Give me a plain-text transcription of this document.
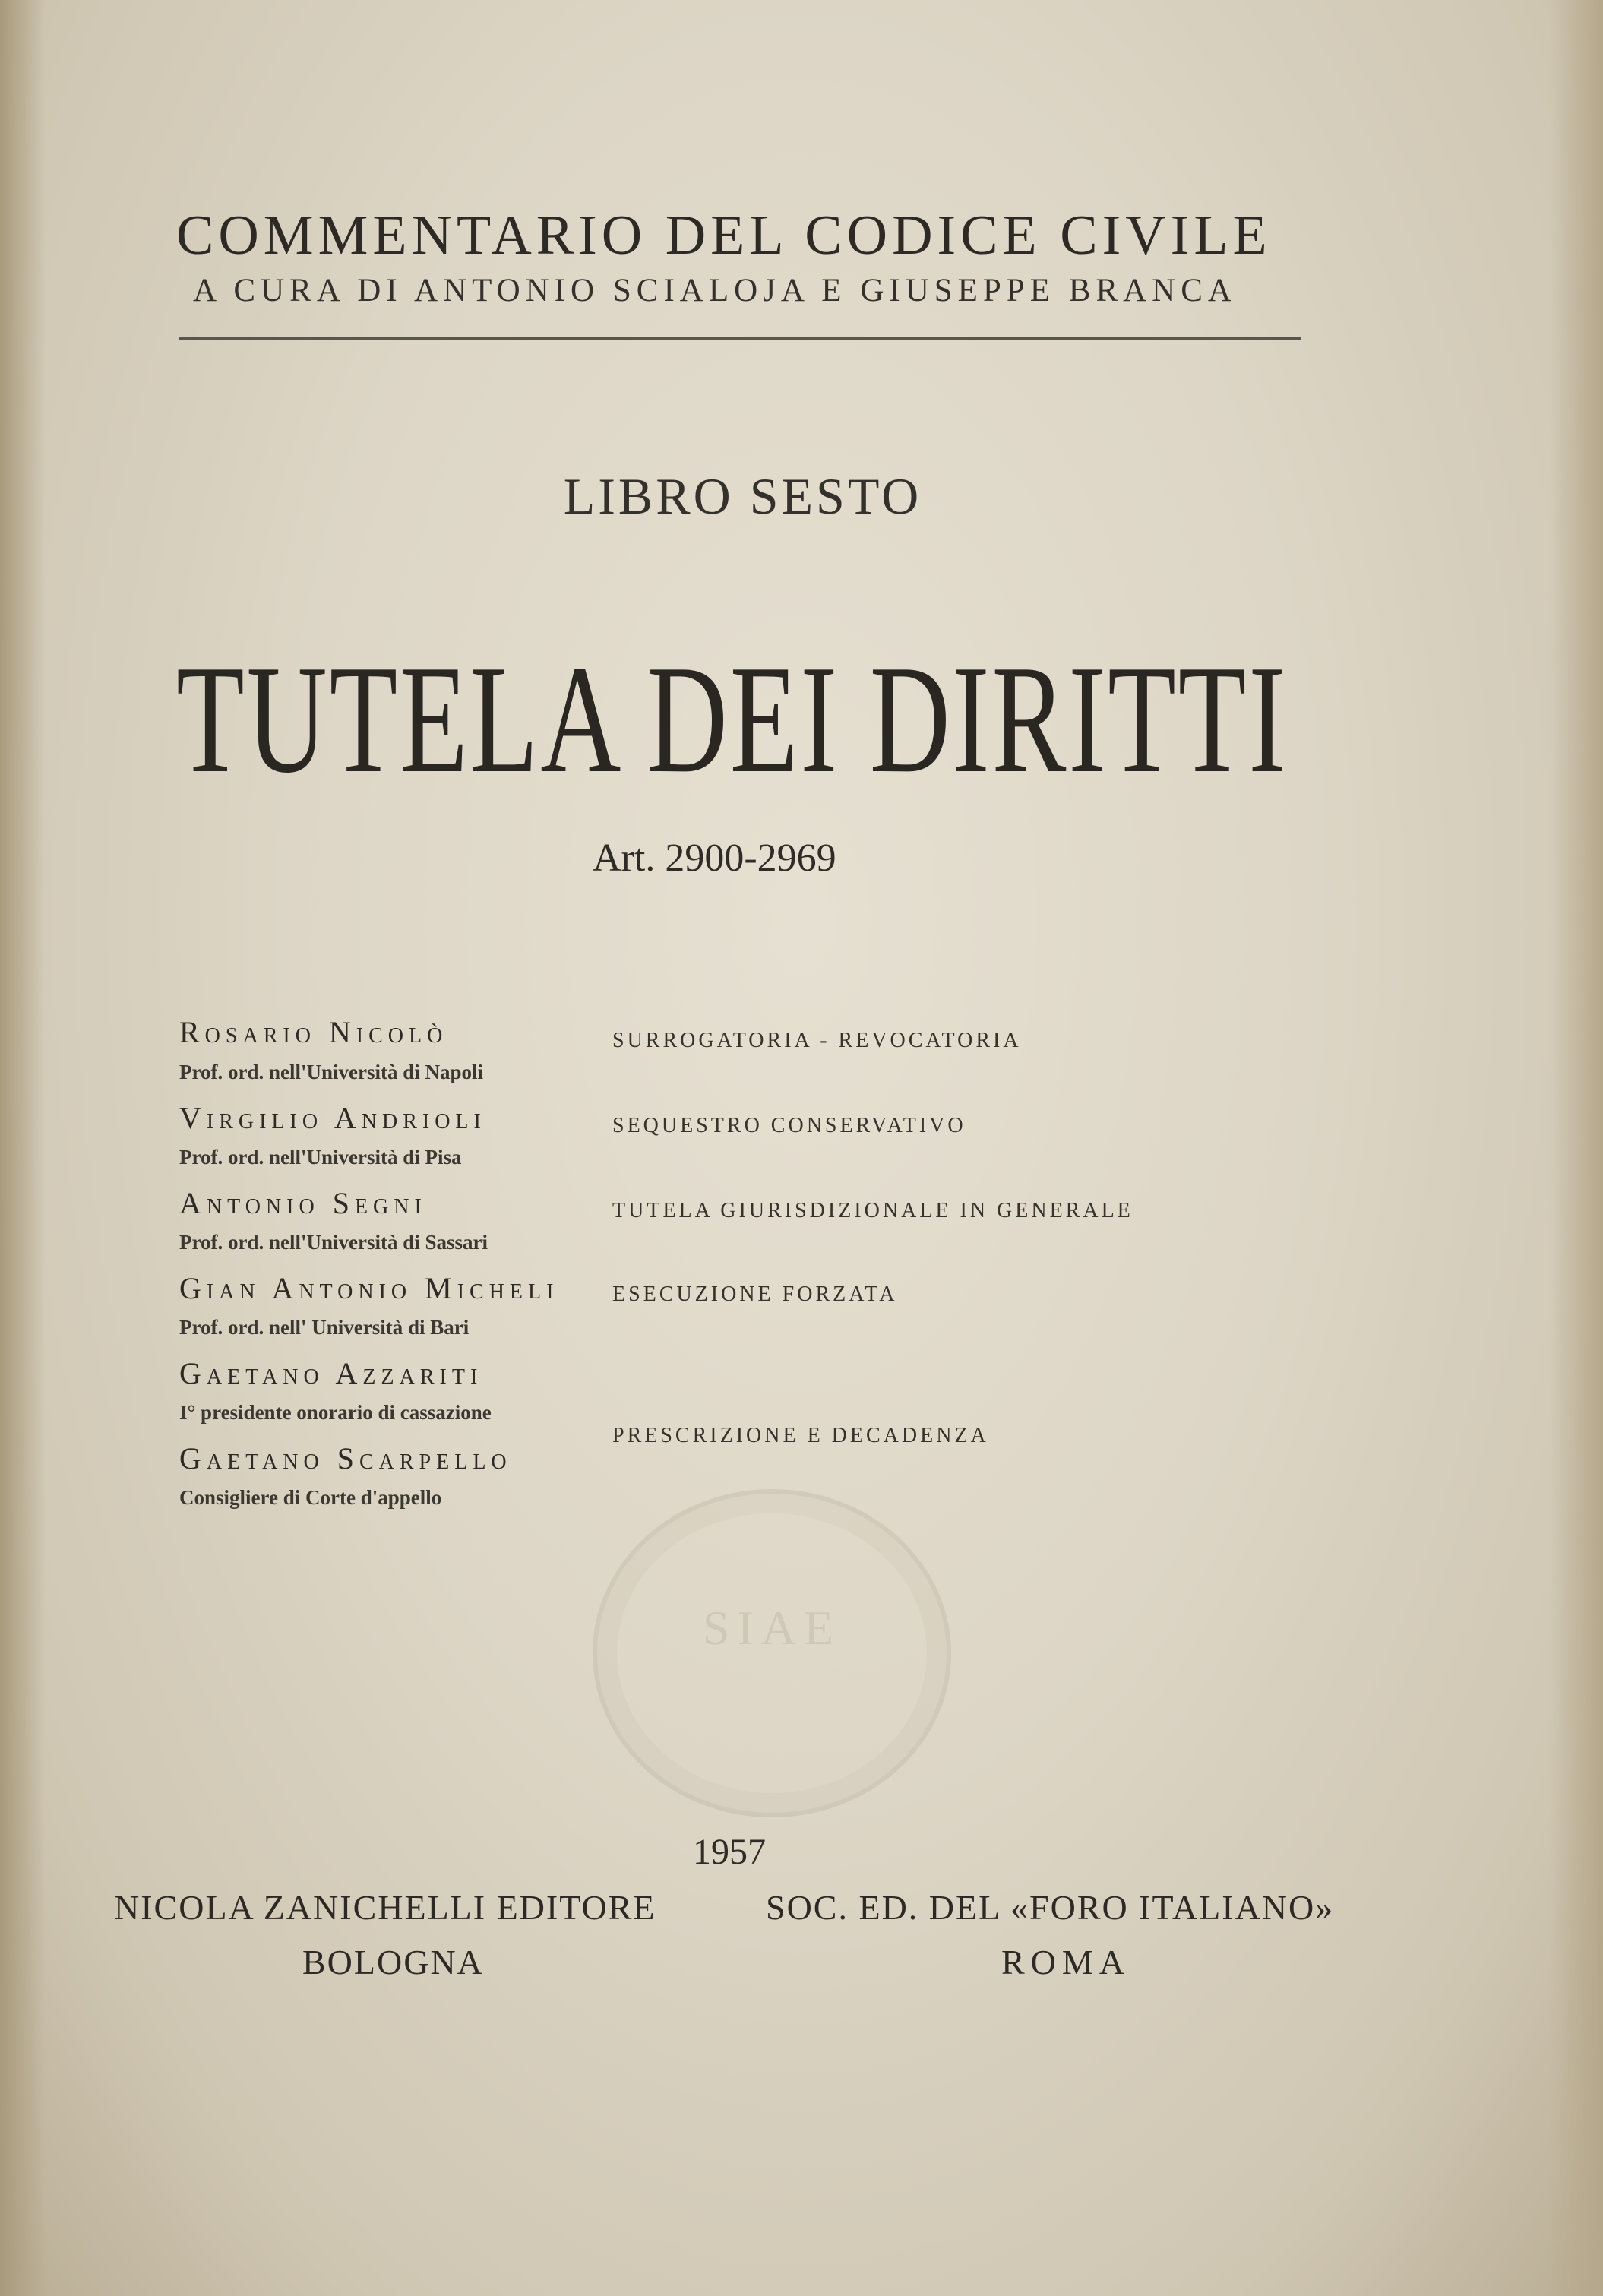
SIAE
COMMENTARIO DEL CODICE CIVILE
A CURA DI ANTONIO SCIALOJA E GIUSEPPE BRANCA
LIBRO SESTO
TUTELA DEI DIRITTI
Art. 2900-2969
Rosario Nicolò
Prof. ord. nell'Università di Napoli
SURROGATORIA - REVOCATORIA
Virgilio Andrioli
Prof. ord. nell'Università di Pisa
SEQUESTRO CONSERVATIVO
Antonio Segni
Prof. ord. nell'Università di Sassari
TUTELA GIURISDIZIONALE IN GENERALE
Gian Antonio Micheli
Prof. ord. nell' Università di Bari
ESECUZIONE FORZATA
Gaetano Azzariti
I° presidente onorario di cassazione
Gaetano Scarpello
Consigliere di Corte d'appello
PRESCRIZIONE E DECADENZA
1957
NICOLA ZANICHELLI EDITORE
BOLOGNA
SOC. ED. DEL «FORO ITALIANO»
ROMA
